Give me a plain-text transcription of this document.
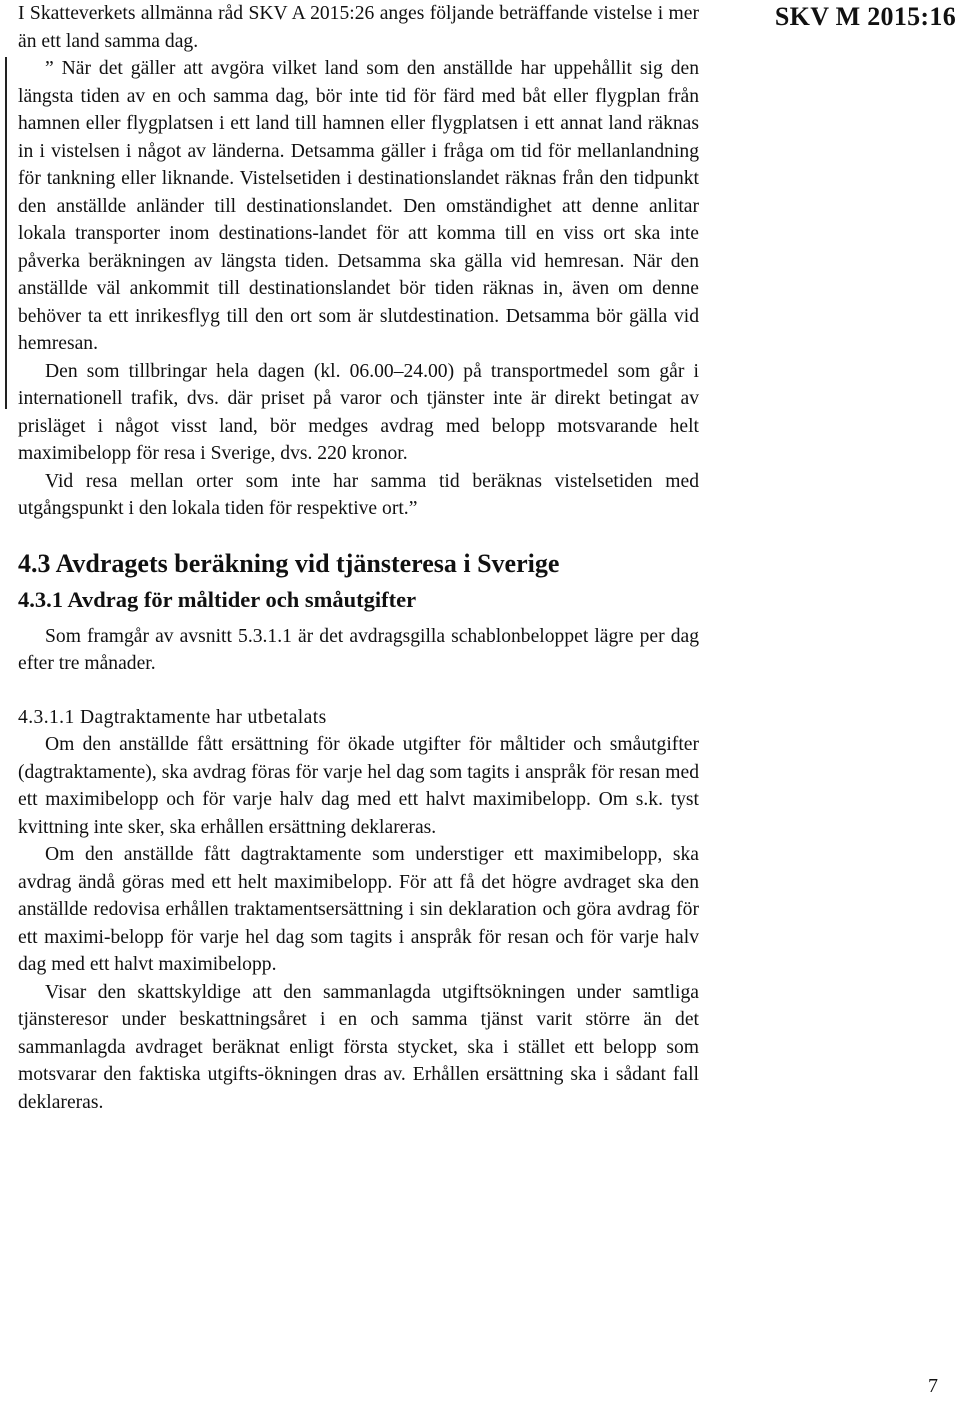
SKV M 2015:16

I Skatteverkets allmänna råd SKV A 2015:26 anges följande beträffande vistelse i mer än ett land samma dag.

” När det gäller att avgöra vilket land som den anställde har uppehållit sig den längsta tiden av en och samma dag, bör inte tid för färd med båt eller flygplan från hamnen eller flygplatsen i ett land till hamnen eller flygplatsen i ett annat land räknas in i vistelsen i något av länderna. Detsamma gäller i fråga om tid för mellanlandning för tankning eller liknande. Vistelsetiden i destinationslandet räknas från den tidpunkt den anställde anländer till destinationslandet. Den omständighet att denne anlitar lokala transporter inom destinations-landet för att komma till en viss ort ska inte påverka beräkningen av längsta tiden. Detsamma ska gälla vid hemresan. När den anställde väl ankommit till destinationslandet bör tiden räknas in, även om denne behöver ta ett inrikesflyg till den ort som är slutdestination. Detsamma bör gälla vid hemresan.

Den som tillbringar hela dagen (kl. 06.00–24.00) på transportmedel som går i internationell trafik, dvs. där priset på varor och tjänster inte är direkt betingat av prisläget i något visst land, bör medges avdrag med belopp motsvarande helt maximibelopp för resa i Sverige, dvs. 220 kronor.

Vid resa mellan orter som inte har samma tid beräknas vistelsetiden med utgångspunkt i den lokala tiden för respektive ort.”

4.3 Avdragets beräkning vid tjänsteresa i Sverige
4.3.1 Avdrag för måltider och småutgifter

Som framgår av avsnitt 5.3.1.1 är det avdragsgilla schablonbeloppet lägre per dag efter tre månader.

4.3.1.1 Dagtraktamente har utbetalats

Om den anställde fått ersättning för ökade utgifter för måltider och småutgifter (dagtraktamente), ska avdrag föras för varje hel dag som tagits i anspråk för resan med ett maximibelopp och för varje halv dag med ett halvt maximibelopp. Om s.k. tyst kvittning inte sker, ska erhållen ersättning deklareras.

Om den anställde fått dagtraktamente som understiger ett maximibelopp, ska avdrag ändå göras med ett helt maximibelopp. För att få det högre avdraget ska den anställde redovisa erhållen traktamentsersättning i sin deklaration och göra avdrag för ett maximi-belopp för varje hel dag som tagits i anspråk för resan och för varje halv dag med ett halvt maximibelopp.

Visar den skattskyldige att den sammanlagda utgiftsökningen under samtliga tjänsteresor under beskattningsåret i en och samma tjänst varit större än det sammanlagda avdraget beräknat enligt första stycket, ska i stället ett belopp som motsvarar den faktiska utgifts-ökningen dras av. Erhållen ersättning ska i sådant fall deklareras.

7
